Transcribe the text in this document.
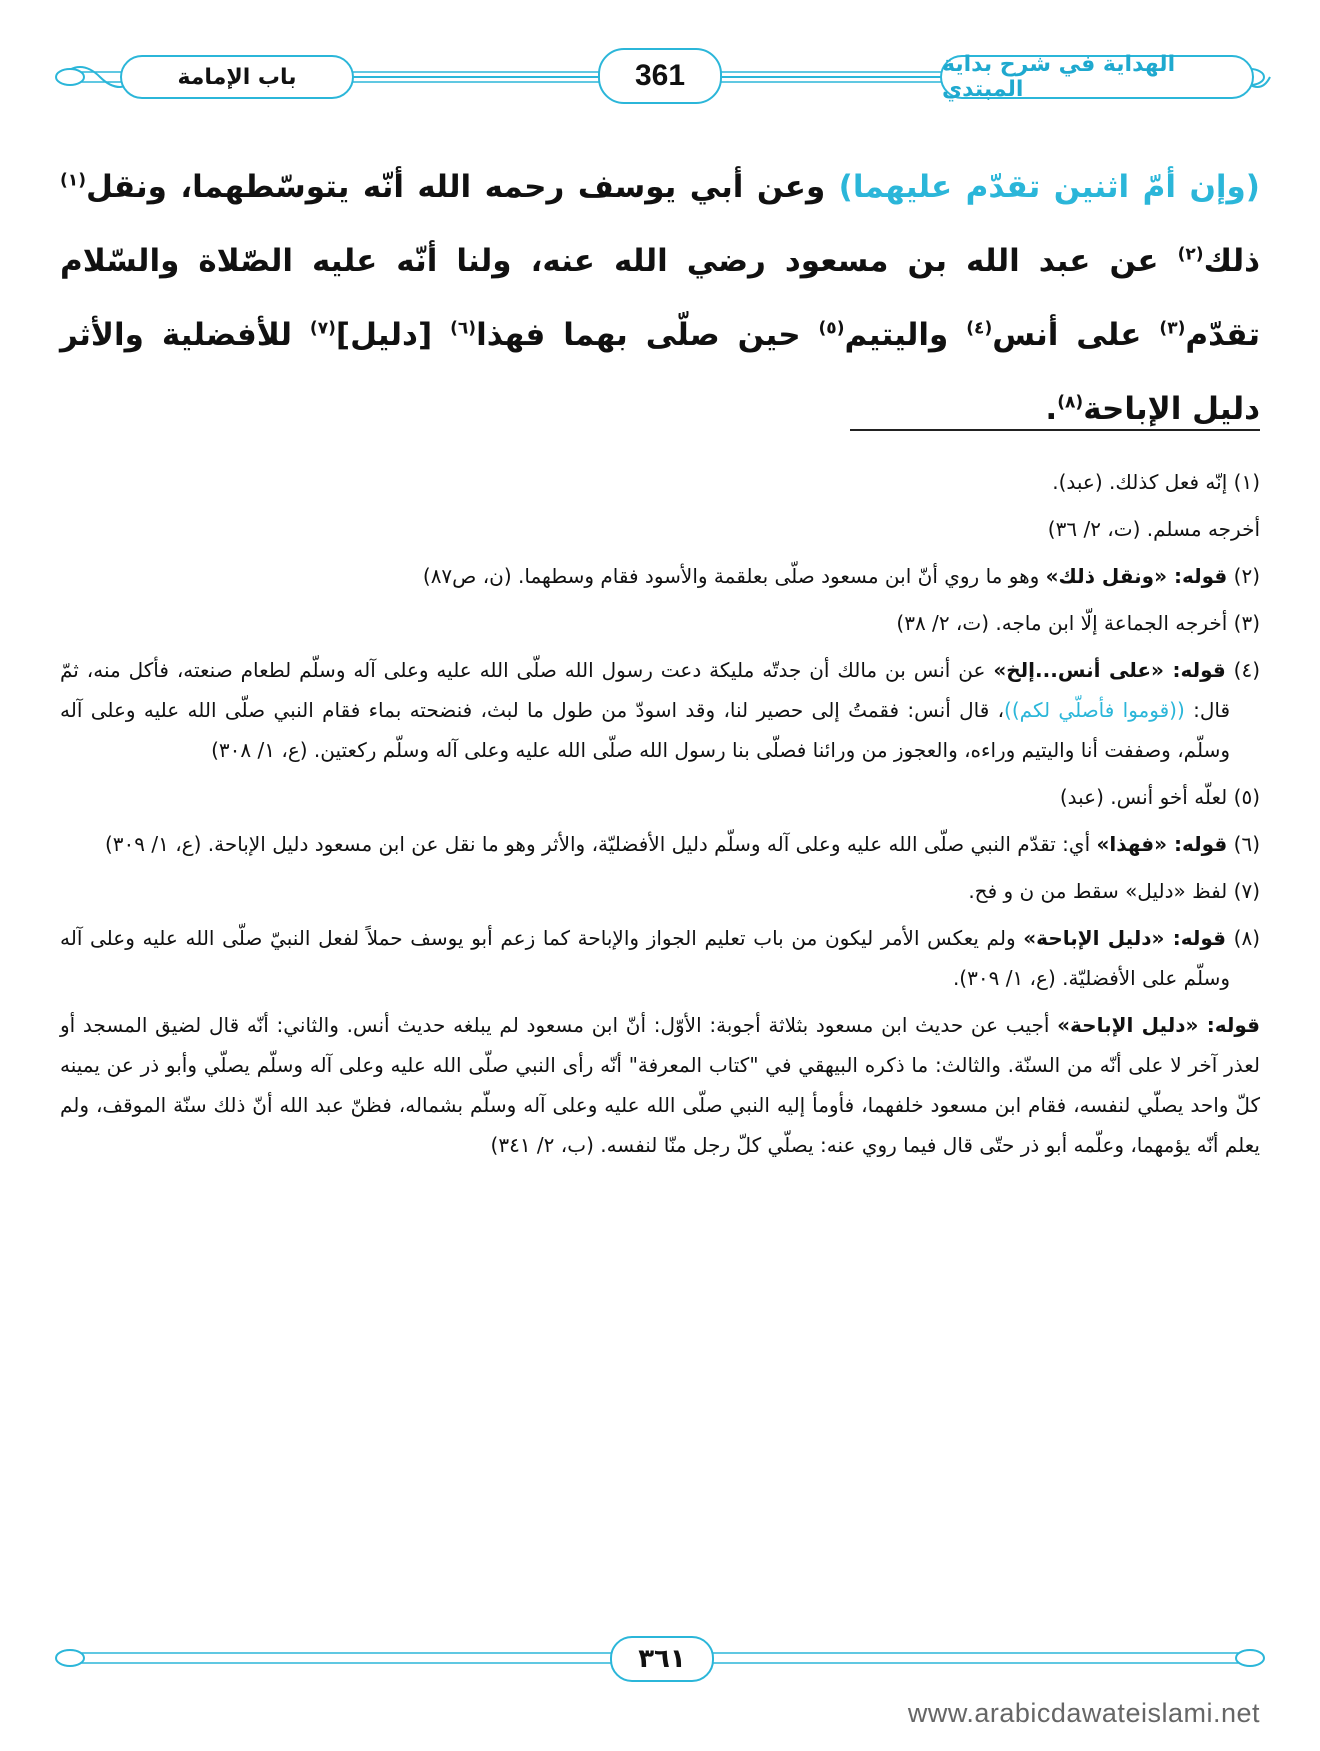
باب الإمامة	361	الهداية في شرح بداية المبتدي
(وإن أمّ اثنين تقدّم عليهما) وعن أبي يوسف رحمه الله أنّه يتوسّطهما، ونقل$^{(١)}$ ذلك$^{(٢)}$ عن عبد الله بن مسعود رضي الله عنه، ولنا أنّه عليه الصّلاة والسّلام تقدّم$^{(٣)}$ على أنس$^{(٤)}$ واليتيم$^{(٥)}$ حين صلّى بهما فهذا$^{(٦)}$ [دليل]$^{(٧)}$ للأفضلية والأثر دليل الإباحة$^{(٨)}$.

(١) إنّه فعل كذلك. (عبد).

أخرجه مسلم. (ت، ٢/ ٣٦)

(٢) قوله: «ونقل ذلك» وهو ما روي أنّ ابن مسعود صلّى بعلقمة والأسود فقام وسطهما. (ن، ص٨٧)

(٣) أخرجه الجماعة إلّا ابن ماجه. (ت، ٢/ ٣٨)

(٤) قوله: «على أنس...إلخ» عن أنس بن مالك أن جدتّه مليكة دعت رسول الله صلّى الله عليه وعلى آله وسلّم لطعام صنعته، فأكل منه، ثمّ قال: ((قوموا فأصلّي لكم))، قال أنس: فقمتُ إلى حصير لنا، وقد اسودّ من طول ما لبث، فنضحته بماء فقام النبي صلّى الله عليه وعلى آله وسلّم، وصففت أنا واليتيم وراءه، والعجوز من ورائنا فصلّى بنا رسول الله صلّى الله عليه وعلى آله وسلّم ركعتين. (ع، ١/ ٣٠٨)

(٥) لعلّه أخو أنس. (عبد)

(٦) قوله: «فهذا» أي: تقدّم النبي صلّى الله عليه وعلى آله وسلّم دليل الأفضليّة، والأثر وهو ما نقل عن ابن مسعود دليل الإباحة. (ع، ١/ ٣٠٩)

(٧) لفظ «دليل» سقط من ن و فح.

(٨) قوله: «دليل الإباحة» ولم يعكس الأمر ليكون من باب تعليم الجواز والإباحة كما زعم أبو يوسف حملاً لفعل النبيّ صلّى الله عليه وعلى آله وسلّم على الأفضليّة. (ع، ١/ ٣٠٩).

قوله: «دليل الإباحة» أجيب عن حديث ابن مسعود بثلاثة أجوبة: الأوّل: أنّ ابن مسعود لم يبلغه حديث أنس. والثاني: أنّه قال لضيق المسجد أو لعذر آخر لا على أنّه من السنّة. والثالث: ما ذكره البيهقي في "كتاب المعرفة" أنّه رأى النبي صلّى الله عليه وعلى آله وسلّم يصلّي وأبو ذر عن يمينه كلّ واحد يصلّي لنفسه، فقام ابن مسعود خلفهما، فأومأ إليه النبي صلّى الله عليه وعلى آله وسلّم بشماله، فظنّ عبد الله أنّ ذلك سنّة الموقف، ولم يعلم أنّه يؤمهما، وعلّمه أبو ذر حتّى قال فيما روي عنه: يصلّي كلّ رجل منّا لنفسه. (ب، ٢/ ٣٤١)

٣٦١
www.arabicdawateislami.net
